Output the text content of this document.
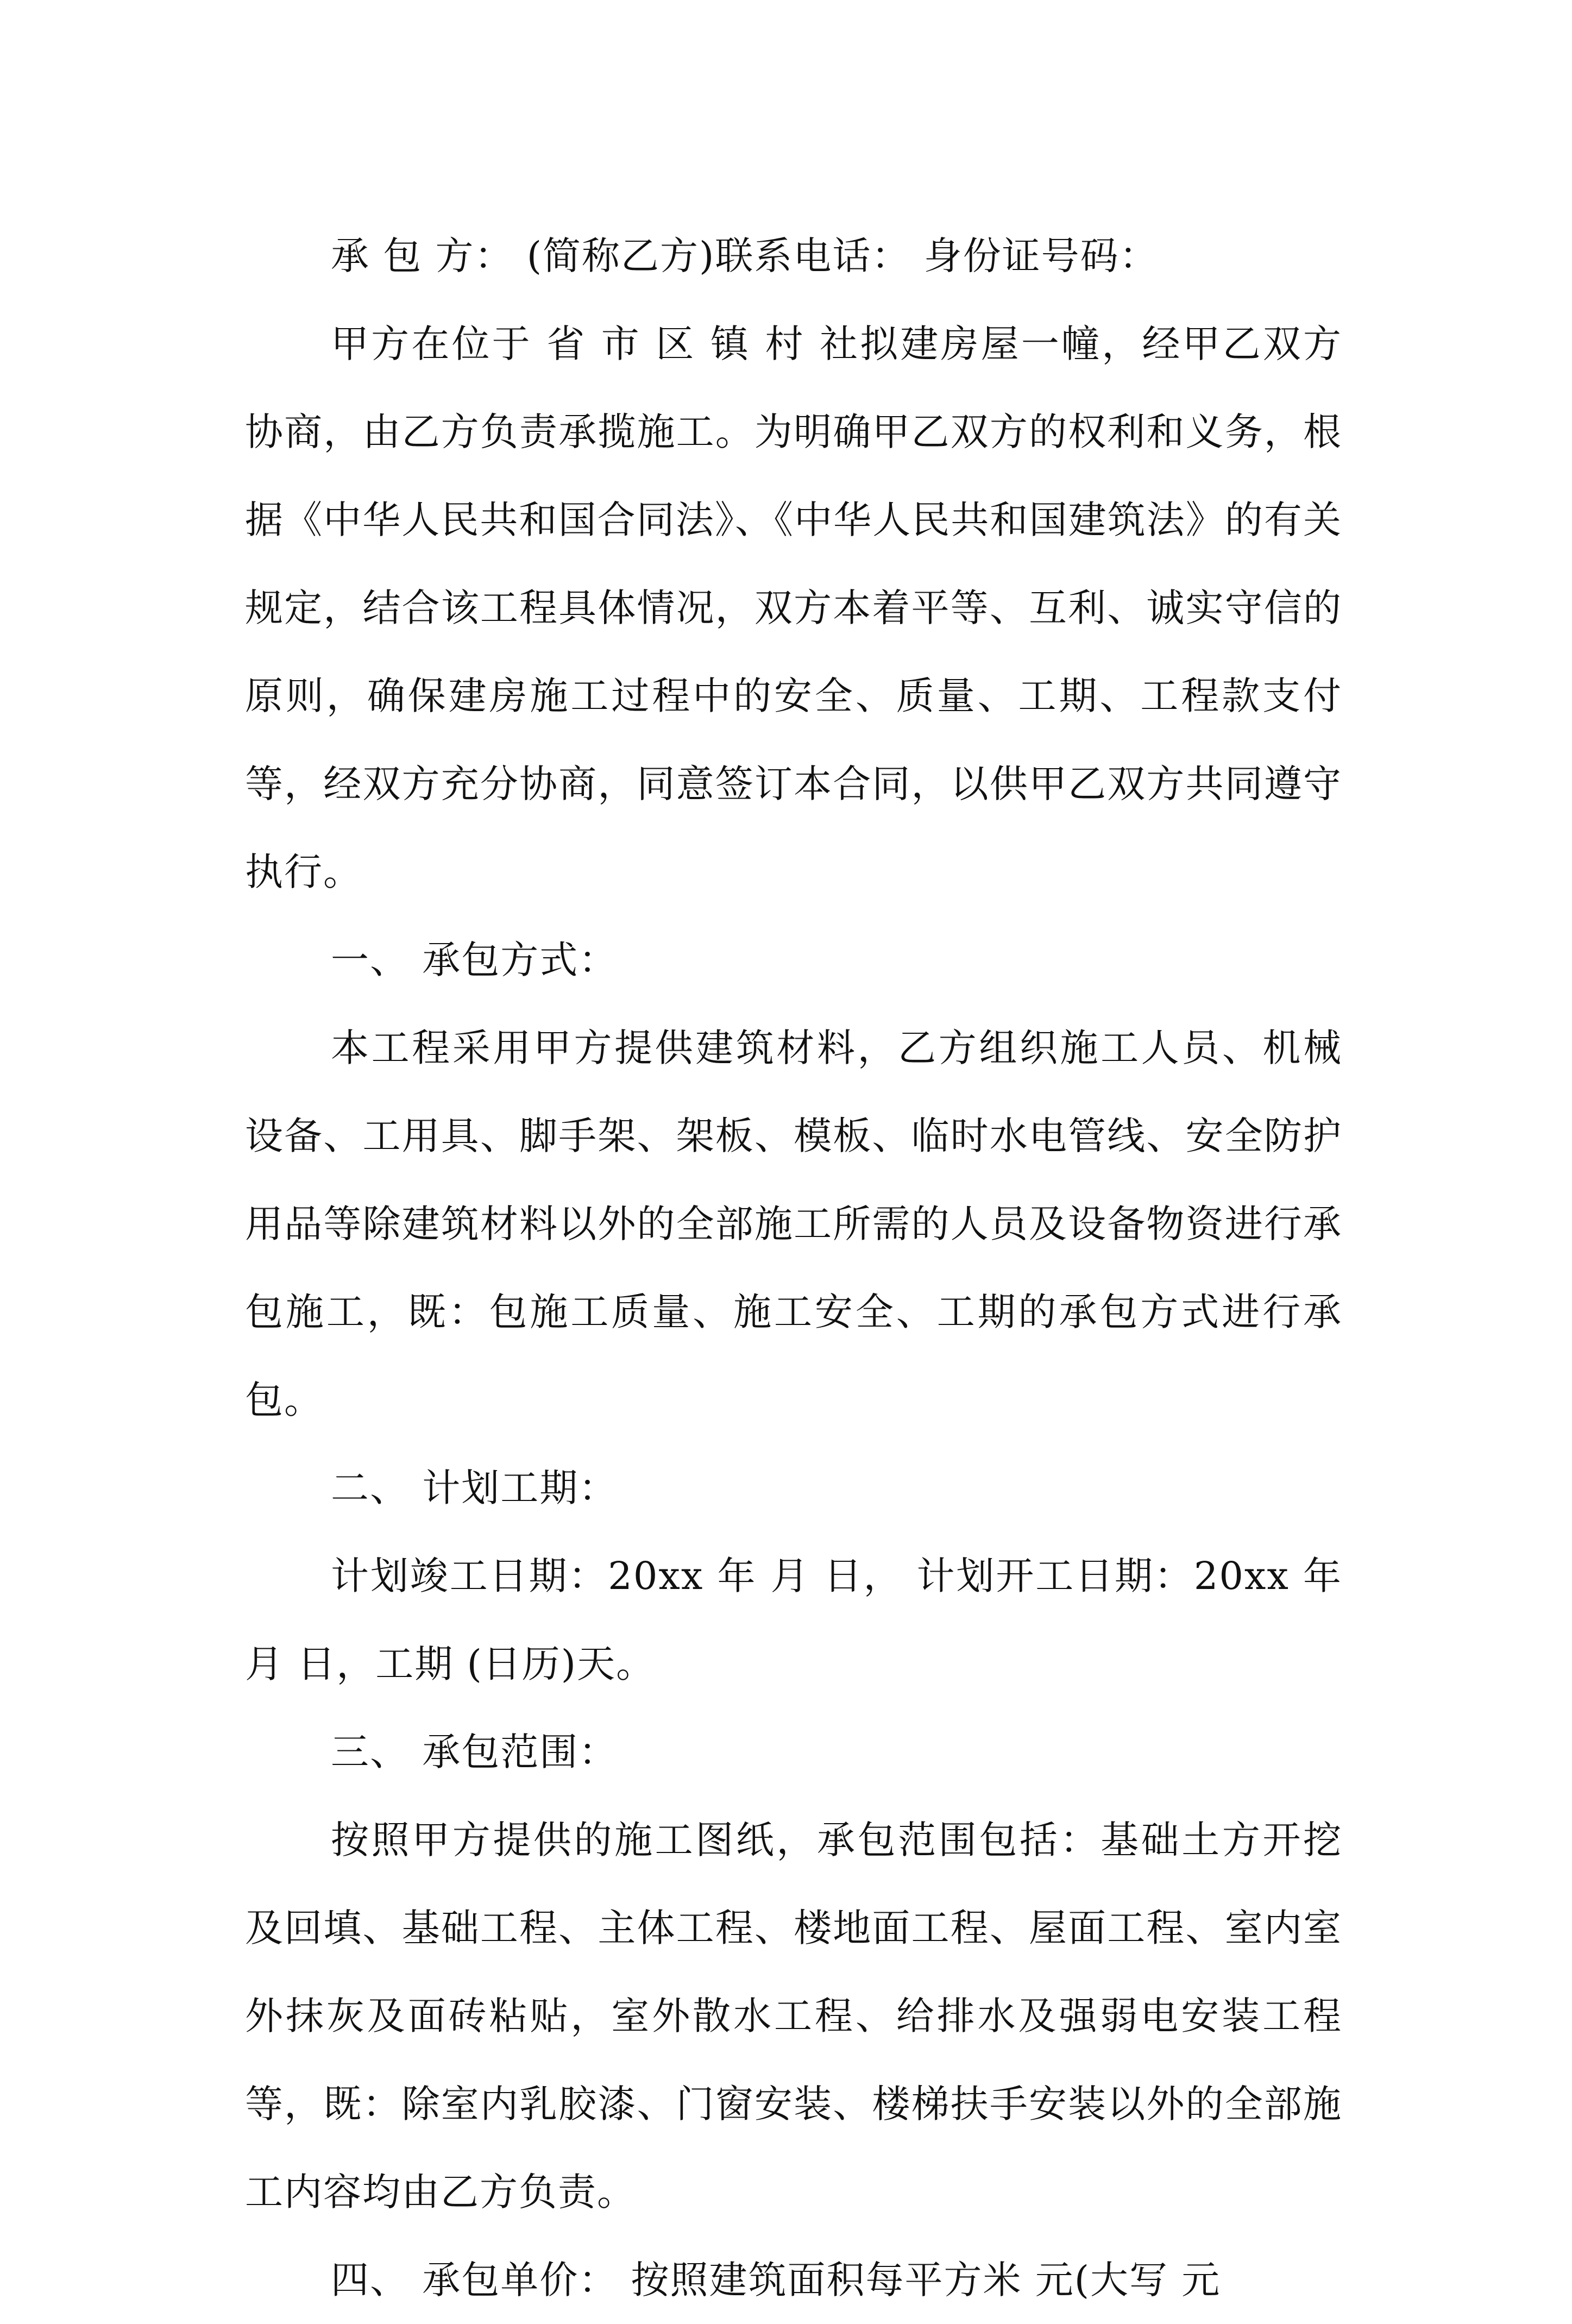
承 包 方： (简称乙方)联系电话： 身份证号码：

甲方在位于 省 市 区 镇 村 社拟建房屋一幢，经甲乙双方协商，由乙方负责承揽施工。为明确甲乙双方的权利和义务，根据《中华人民共和国合同法》、《中华人民共和国建筑法》的有关规定，结合该工程具体情况，双方本着平等、互利、诚实守信的原则，确保建房施工过程中的安全、质量、工期、工程款支付等，经双方充分协商，同意签订本合同，以供甲乙双方共同遵守执行。

一、 承包方式：

本工程采用甲方提供建筑材料，乙方组织施工人员、机械设备、工用具、脚手架、架板、模板、临时水电管线、安全防护用品等除建筑材料以外的全部施工所需的人员及设备物资进行承包施工，既：包施工质量、施工安全、工期的承包方式进行承包。

二、 计划工期：

计划竣工日期：20xx 年 月 日， 计划开工日期：20xx 年 月 日，工期 (日历)天。

三、 承包范围：

按照甲方提供的施工图纸，承包范围包括：基础土方开挖及回填、基础工程、主体工程、楼地面工程、屋面工程、室内室外抹灰及面砖粘贴，室外散水工程、给排水及强弱电安装工程等，既：除室内乳胶漆、门窗安装、楼梯扶手安装以外的全部施工内容均由乙方负责。

四、 承包单价： 按照建筑面积每平方米 元(大写 元
